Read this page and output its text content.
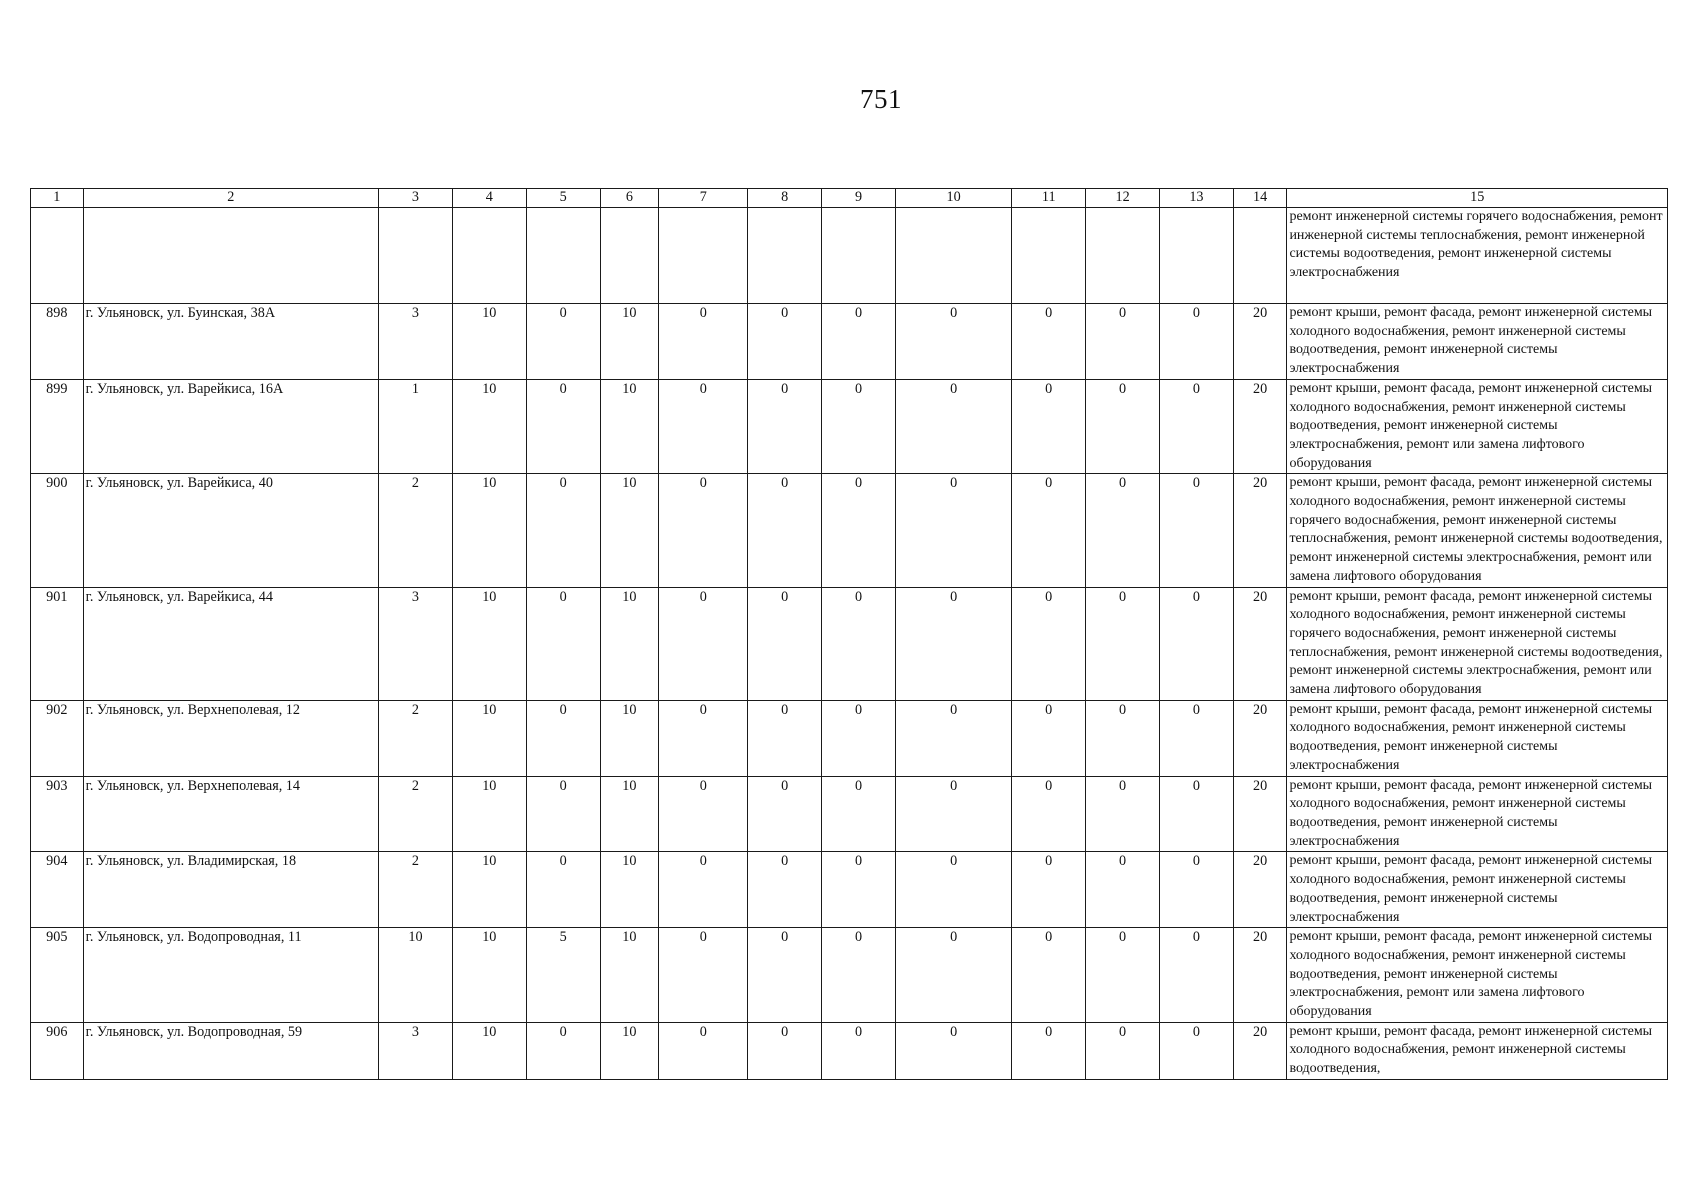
751
1	2	3	4	5	6	7	8	9	10	11	12	13	14	15
														ремонт инженерной системы горячего водоснабжения, ремонт инженерной системы теплоснабжения, ремонт инженерной системы водоотведения, ремонт инженерной системы электроснабжения
898	г. Ульяновск, ул. Буинская, 38А	3	10	0	10	0	0	0	0	0	0	0	20	ремонт крыши, ремонт фасада, ремонт инженерной системы холодного водоснабжения, ремонт инженерной системы водоотведения, ремонт инженерной системы электроснабжения
899	г. Ульяновск, ул. Варейкиса, 16А	1	10	0	10	0	0	0	0	0	0	0	20	ремонт крыши, ремонт фасада, ремонт инженерной системы холодного водоснабжения, ремонт инженерной системы водоотведения, ремонт инженерной системы электроснабжения, ремонт или замена лифтового оборудования
900	г. Ульяновск, ул. Варейкиса, 40	2	10	0	10	0	0	0	0	0	0	0	20	ремонт крыши, ремонт фасада, ремонт инженерной системы холодного водоснабжения, ремонт инженерной системы горячего водоснабжения, ремонт инженерной системы теплоснабжения, ремонт инженерной системы водоотведения, ремонт инженерной системы электроснабжения, ремонт или замена лифтового оборудования
901	г. Ульяновск, ул. Варейкиса, 44	3	10	0	10	0	0	0	0	0	0	0	20	ремонт крыши, ремонт фасада, ремонт инженерной системы холодного водоснабжения, ремонт инженерной системы горячего водоснабжения, ремонт инженерной системы теплоснабжения, ремонт инженерной системы водоотведения, ремонт инженерной системы электроснабжения, ремонт или замена лифтового оборудования
902	г. Ульяновск, ул. Верхнеполевая, 12	2	10	0	10	0	0	0	0	0	0	0	20	ремонт крыши, ремонт фасада, ремонт инженерной системы холодного водоснабжения, ремонт инженерной системы водоотведения, ремонт инженерной системы электроснабжения
903	г. Ульяновск, ул. Верхнеполевая, 14	2	10	0	10	0	0	0	0	0	0	0	20	ремонт крыши, ремонт фасада, ремонт инженерной системы холодного водоснабжения, ремонт инженерной системы водоотведения, ремонт инженерной системы электроснабжения
904	г. Ульяновск, ул. Владимирская, 18	2	10	0	10	0	0	0	0	0	0	0	20	ремонт крыши, ремонт фасада, ремонт инженерной системы холодного водоснабжения, ремонт инженерной системы водоотведения, ремонт инженерной системы электроснабжения
905	г. Ульяновск, ул. Водопроводная, 11	10	10	5	10	0	0	0	0	0	0	0	20	ремонт крыши, ремонт фасада, ремонт инженерной системы холодного водоснабжения, ремонт инженерной системы водоотведения, ремонт инженерной системы электроснабжения, ремонт или замена лифтового оборудования
906	г. Ульяновск, ул. Водопроводная, 59	3	10	0	10	0	0	0	0	0	0	0	20	ремонт крыши, ремонт фасада, ремонт инженерной системы холодного водоснабжения, ремонт инженерной системы водоотведения,
